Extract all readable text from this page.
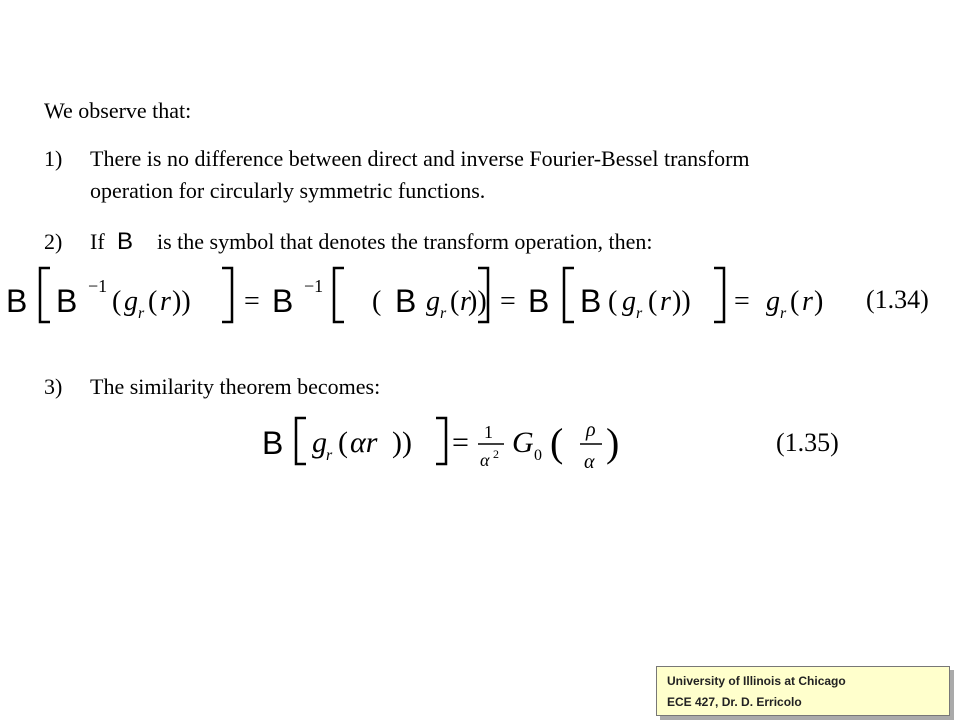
We observe that:
1) There is no difference between direct and inverse Fourier-Bessel transform
operation for circularly symmetric functions.
2) If B is the symbol that denotes the transform operation, then:
3) The similarity theorem becomes:
B B	B	B	B B
−1 ( g r ( r )) = −1 ( g r ( r
)) =	( g r ( r )) = g r ( r ) (1.34)
B g r ( αr )) = 1
α 2 G 0 ( ρ
α )	(1.35)
University of Illinois at Chicago
ECE 427, Dr. D. Erricolo
